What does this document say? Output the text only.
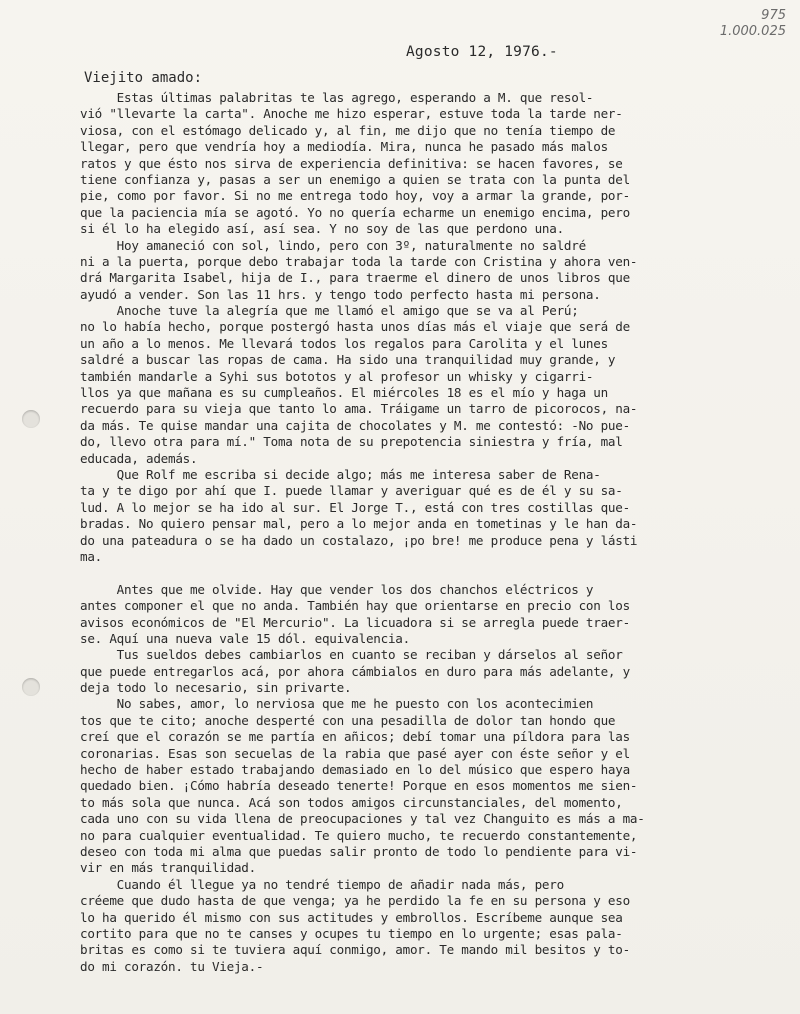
975
1.000.025
Agosto 12, 1976.-
Viejito amado:
Estas últimas palabritas te las agrego, esperando a M. que resol-
vió "llevarte la carta". Anoche me hizo esperar, estuve toda la tarde ner-
viosa, con el estómago delicado y, al fin, me dijo que no tenía tiempo de
llegar, pero que vendría hoy a mediodía. Mira, nunca he pasado más malos
ratos y que ésto nos sirva de experiencia definitiva: se hacen favores, se
tiene confianza y, pasas a ser un enemigo a quien se trata con la punta del
pie, como por favor. Si no me entrega todo hoy, voy a armar la grande, por-
que la paciencia mía se agotó. Yo no quería echarme un enemigo encima, pero
si él lo ha elegido así, así sea. Y no soy de las que perdono una.
Hoy amaneció con sol, lindo, pero con 3º, naturalmente no saldré
ni a la puerta, porque debo trabajar toda la tarde con Cristina y ahora ven-
drá Margarita Isabel, hija de I., para traerme el dinero de unos libros que
ayudó a vender. Son las 11 hrs. y tengo todo perfecto hasta mi persona.
Anoche tuve la alegría que me llamó el amigo que se va al Perú;
no lo había hecho, porque postergó hasta unos días más el viaje que será de
un año a lo menos. Me llevará todos los regalos para Carolita y el lunes
saldré a buscar las ropas de cama. Ha sido una tranquilidad muy grande, y
también mandarle a Syhi sus bototos y al profesor un whisky y cigarri-
llos ya que mañana es su cumpleaños. El miércoles 18 es el mío y haga un
recuerdo para su vieja que tanto lo ama. Tráigame un tarro de picorocos, na-
da más. Te quise mandar una cajita de chocolates y M. me contestó: -No pue-
do, llevo otra para mí." Toma nota de su prepotencia siniestra y fría, mal
educada, además.
Que Rolf me escriba si decide algo; más me interesa saber de Rena-
ta y te digo por ahí que I. puede llamar y averiguar qué es de él y su sa-
lud. A lo mejor se ha ido al sur. El Jorge T., está con tres costillas que-
bradas. No quiero pensar mal, pero a lo mejor anda en tometinas y le han da-
do una pateadura o se ha dado un costalazo, ¡po bre! me produce pena y lásti
ma.
Antes que me olvide. Hay que vender los dos chanchos eléctricos y
antes componer el que no anda. También hay que orientarse en precio con los
avisos económicos de "El Mercurio". La licuadora si se arregla puede traer-
se. Aquí una nueva vale 15 dól. equivalencia.
Tus sueldos debes cambiarlos en cuanto se reciban y dárselos al señor
que puede entregarlos acá, por ahora cámbialos en duro para más adelante, y
deja todo lo necesario, sin privarte.
No sabes, amor, lo nerviosa que me he puesto con los acontecimien
tos que te cito; anoche desperté con una pesadilla de dolor tan hondo que
creí que el corazón se me partía en añicos; debí tomar una píldora para las
coronarias. Esas son secuelas de la rabia que pasé ayer con éste señor y el
hecho de haber estado trabajando demasiado en lo del músico que espero haya
quedado bien. ¡Cómo habría deseado tenerte! Porque en esos momentos me sien-
to más sola que nunca. Acá son todos amigos circunstanciales, del momento,
cada uno con su vida llena de preocupaciones y tal vez Changuito es más a ma-
no para cualquier eventualidad. Te quiero mucho, te recuerdo constantemente,
deseo con toda mi alma que puedas salir pronto de todo lo pendiente para vi-
vir en más tranquilidad.
Cuando él llegue ya no tendré tiempo de añadir nada más, pero
créeme que dudo hasta de que venga; ya he perdido la fe en su persona y eso
lo ha querido él mismo con sus actitudes y embrollos. Escríbeme aunque sea
cortito para que no te canses y ocupes tu tiempo en lo urgente; esas pala-
britas es como si te tuviera aquí conmigo, amor. Te mando mil besitos y to-
do mi corazón. tu Vieja.-
